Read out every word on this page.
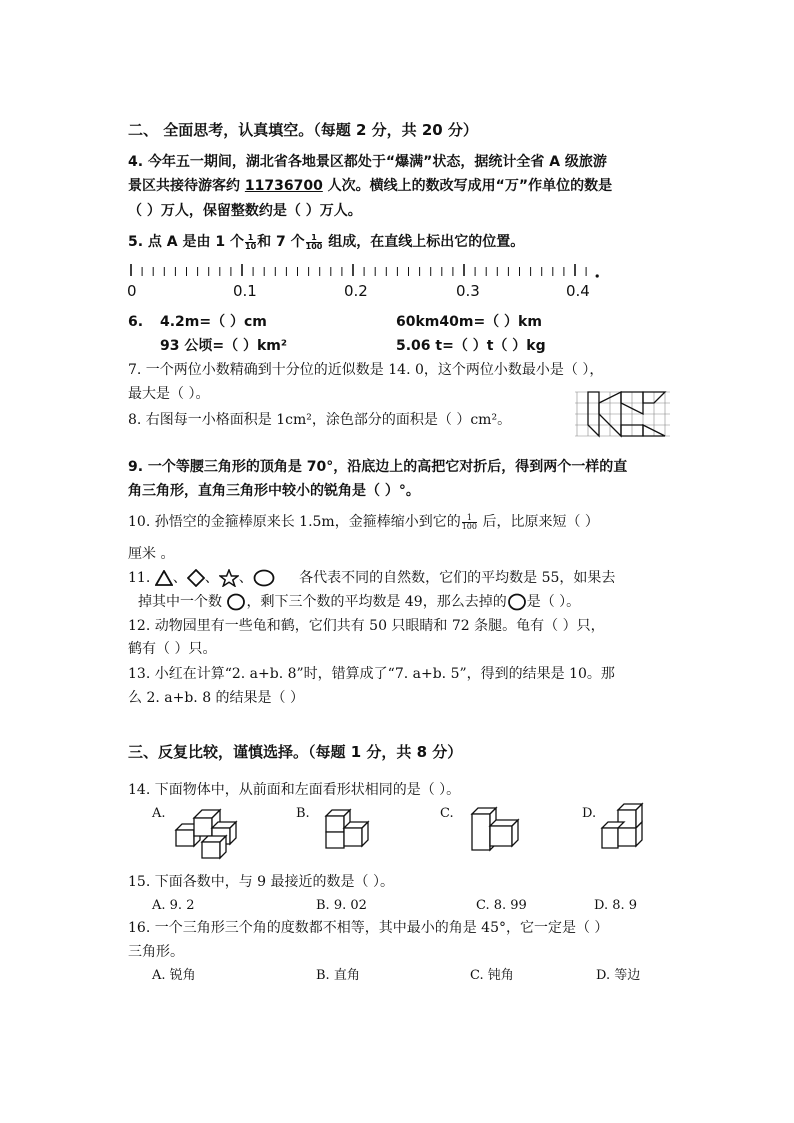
二、 全面思考，认真填空。（每题 2 分，共 20 分）
4. 今年五一期间，湖北省各地景区都处于“爆满”状态，据统计全省 A 级旅游
景区共接待游客约 11736700 人次。横线上的数改写成用“万”作单位的数是
（ ）万人，保留整数约是（ ）万人。
5. 点 A 是由 1 个 $\frac{1}{10}$ 和 7 个 $\frac{1}{100}$ 组成，在直线上标出它的位置。
0	0.1	0.2	0.3	0.4
6. 4.2m=（ ）cm	60km40m=（ ）km
93 公顷=（ ）km²	5.06 t=（ ）t（ ）kg
7. 一个两位小数精确到十分位的近似数是 14. 0，这个两位小数最小是（ ），
最大是（ ）。
8. 右图每一小格面积是 1cm²，涂色部分的面积是（ ）cm²。
9. 一个等腰三角形的顶角是 70°，沿底边上的高把它对折后，得到两个一样的直
角三角形，直角三角形中较小的锐角是（ ）°。
10. 孙悟空的金箍棒原来长 1.5m，金箍棒缩小到它的 $\frac{1}{100}$ 后，比原来短（ ）
厘米 。
11. 、 、 、	各代表不同的自然数，它们的平均数是 55，如果去
掉其中一个数 ，剩下三个数的平均数是 49，那么去掉的 是（ ）。
12. 动物园里有一些龟和鹤，它们共有 50 只眼睛和 72 条腿。龟有（ ）只，
鹤有（ ）只。
13. 小红在计算“2. a+b. 8”时，错算成了“7. a+b. 5”，得到的结果是 10。那
么 2. a+b. 8 的结果是（ ）
三、反复比较，谨慎选择。（每题 1 分，共 8 分）
14. 下面物体中，从前面和左面看形状相同的是（ ）。
A.	B.	C.	D.
15. 下面各数中，与 9 最接近的数是（ ）。
A. 9. 2	B. 9. 02	C. 8. 99	D. 8. 9
16. 一个三角形三个角的度数都不相等，其中最小的角是 45°，它一定是（ ）
三角形。
A. 锐角	B. 直角	C. 钝角	D. 等边
